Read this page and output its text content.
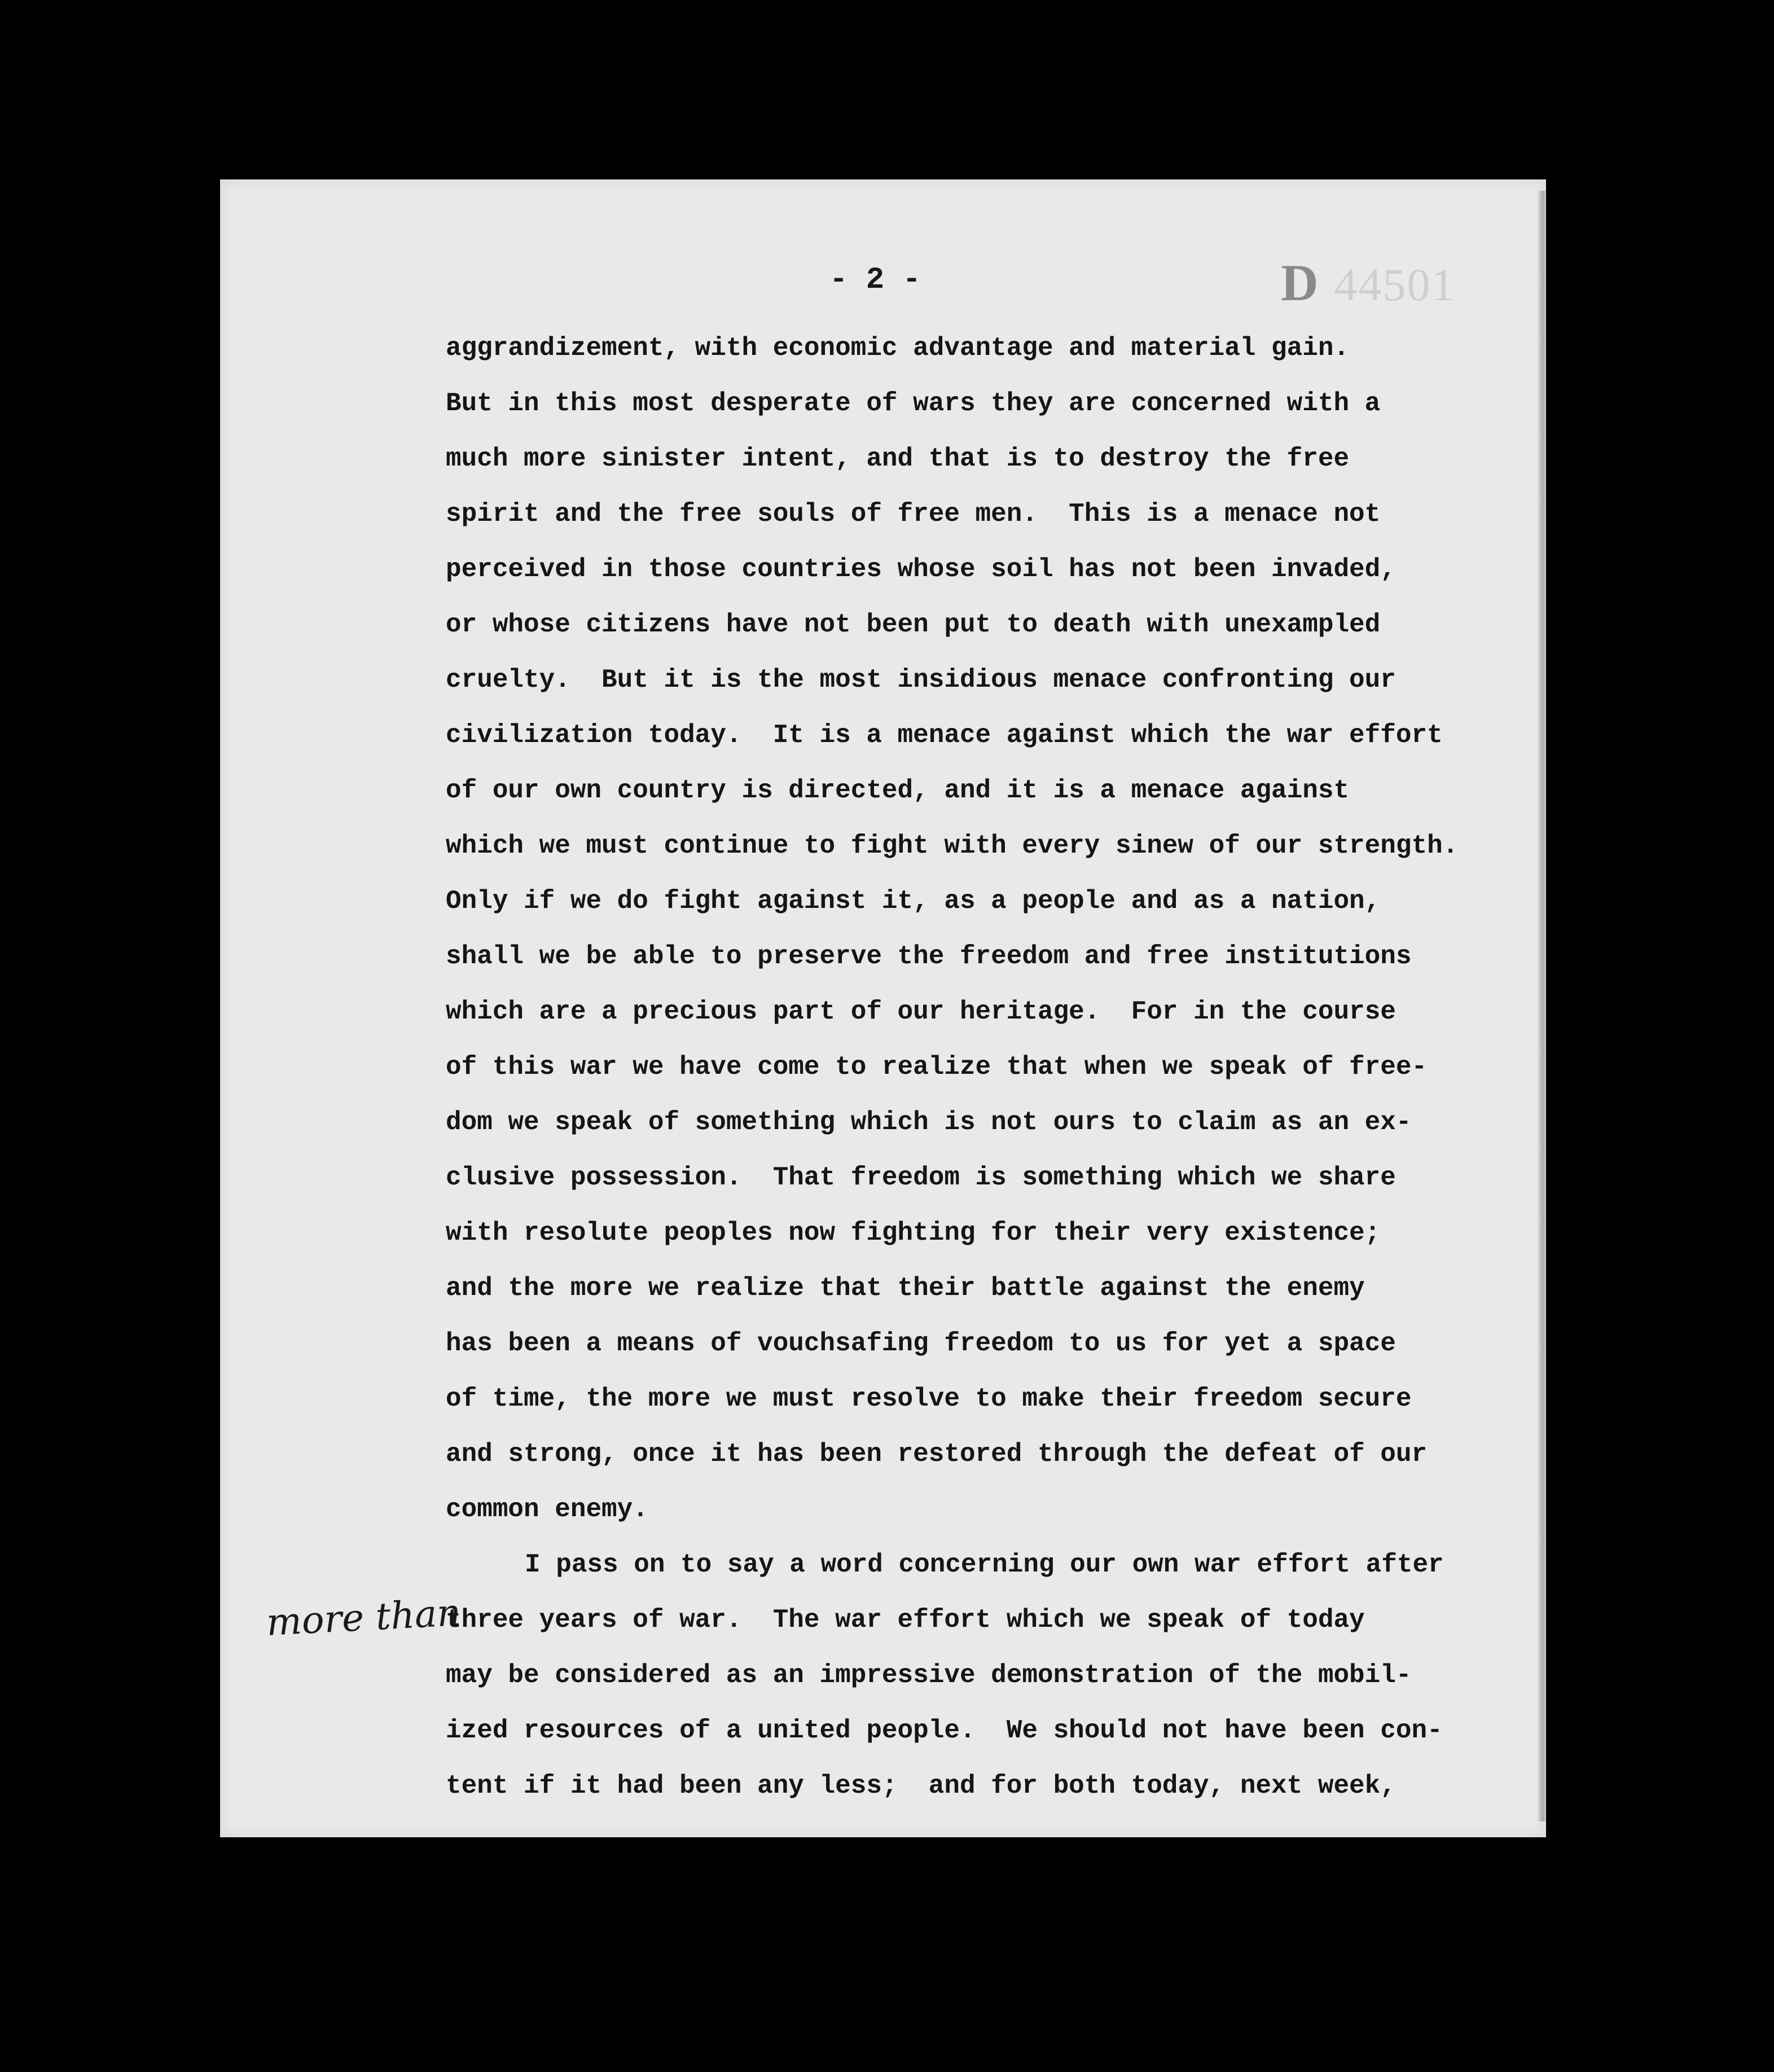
- 2 -	D 44501
aggrandizement, with economic advantage and material gain.
But in this most desperate of wars they are concerned with a
much more sinister intent, and that is to destroy the free
spirit and the free souls of free men.  This is a menace not
perceived in those countries whose soil has not been invaded,
or whose citizens have not been put to death with unexampled
cruelty.  But it is the most insidious menace confronting our
civilization today.  It is a menace against which the war effort
of our own country is directed, and it is a menace against
which we must continue to fight with every sinew of our strength.
Only if we do fight against it, as a people and as a nation,
shall we be able to preserve the freedom and free institutions
which are a precious part of our heritage.  For in the course
of this war we have come to realize that when we speak of free-
dom we speak of something which is not ours to claim as an ex-
clusive possession.  That freedom is something which we share
with resolute peoples now fighting for their very existence;
and the more we realize that their battle against the enemy
has been a means of vouchsafing freedom to us for yet a space
of time, the more we must resolve to make their freedom secure
and strong, once it has been restored through the defeat of our
common enemy.
I pass on to say a word concerning our own war effort after
three years of war.  The war effort which we speak of today
may be considered as an impressive demonstration of the mobil-
ized resources of a united people.  We should not have been con-
tent if it had been any less;  and for both today, next week,
more than
